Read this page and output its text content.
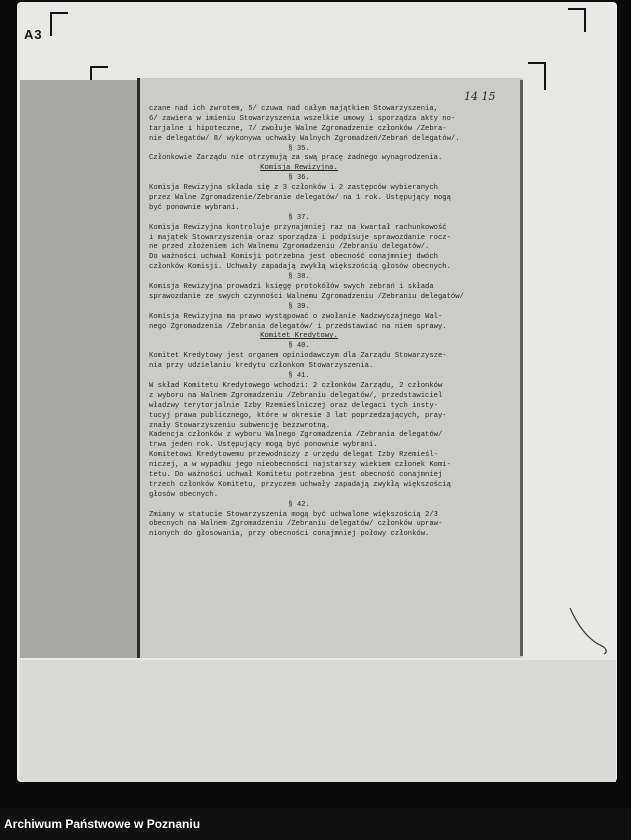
A3
14 15
czane nad ich zwrotem, 5/ czuwa nad całym majątkiem Stowarzyszenia,
6/ zawiera w imieniu Stowarzyszenia wszelkie umowy i sporządza akty no-
tarjalne i hipoteczne, 7/ zwołuje Walne Zgromadzenie członków /Zebra-
nie delegatów/ 8/ wykonywa uchwały Walnych Zgromadzeń/Zebrań delegatów/.
§ 35.
Członkowie Zarządu nie otrzymują za swą pracę żadnego wynagrodzenia.
Komisja Rewizyjna.
§ 36.
Komisja Rewizyjna składa się z 3 członków i 2 zastępców wybieranych
przez Walne Zgromadzenie/Zebranie delegatów/ na 1 rok. Ustępujący mogą
być ponownie wybrani.
§ 37.
Komisja Rewizyjna kontroluje przynajmniej raz na kwartał rachunkowość
i majątek Stowarzyszenia oraz sporządza i podpisuje sprawozdanie rocz-
ne przed złożeniem ich Walnemu Zgromadzeniu /Zebraniu delegatów/.
Do ważności uchwał Komisji potrzebna jest obecność conajmniej dwóch
członków Komisji. Uchwały zapadają zwykłą większością głosów obecnych.
§ 38.
Komisja Rewizyjna prowadzi księgę protokółów swych zebrań i składa
sprawozdanie ze swych czynności Walnemu Zgromadzeniu /Zebraniu delegatów/
§ 39.
Komisja Rewizyjna ma prawo wystąpować o zwołanie Nadzwyczajnego Wal-
nego Zgromadzenia /Zebrania delegatów/ i przedstawiać na niem sprawy.
Komitet Kredytowy.
§ 40.
Komitet Kredytowy jest organem opiniodawczym dla Zarządu Stowarzysze-
nia przy udzielaniu kredytu członkom Stowarzyszenia.
§ 41.
W skład Komitetu Kredytowego wchodzi: 2 członków Zarządu, 2 członków
z wyboru na Walnem Zgromadzeniu /Zebraniu delegatów/, przedstawiciel
władzwy terytorjalnie Izby Rzemieślniczej oraz delegaci tych insty-
tucyj prawa publicznego, które w okresie 3 lat poprzedzających, pray-
znały Stowarzyszeniu subwencję bezzwrotną.
Kadencja członków z wyboru Walnego Zgromadzenia /Zebrania delegatów/
trwa jeden rok. Ustępujący mogą być ponownie wybrani.
Komitetowi Kredytowemu przewodniczy z urzędu delegat Izby Rzemieśl-
niczej, a w wypadku jego nieobecności najstarszy wiekiem członek Komi-
tetu. Do ważności uchwał Komitetu potrzebna jest obecność conajmniej
trzech członków Komitetu, przyczem uchwały zapadają zwykłą większością
głosów obecnych.
§ 42.
Zmiany w statucie Stowarzyszenia mogą być uchwalone większością 2/3
obecnych na Walnem Zgromadzeniu /Zebraniu delegatów/ członków upraw-
nionych do głosowania, przy obecności conajmniej połowy członków.
Archiwum Państwowe w Poznaniu
